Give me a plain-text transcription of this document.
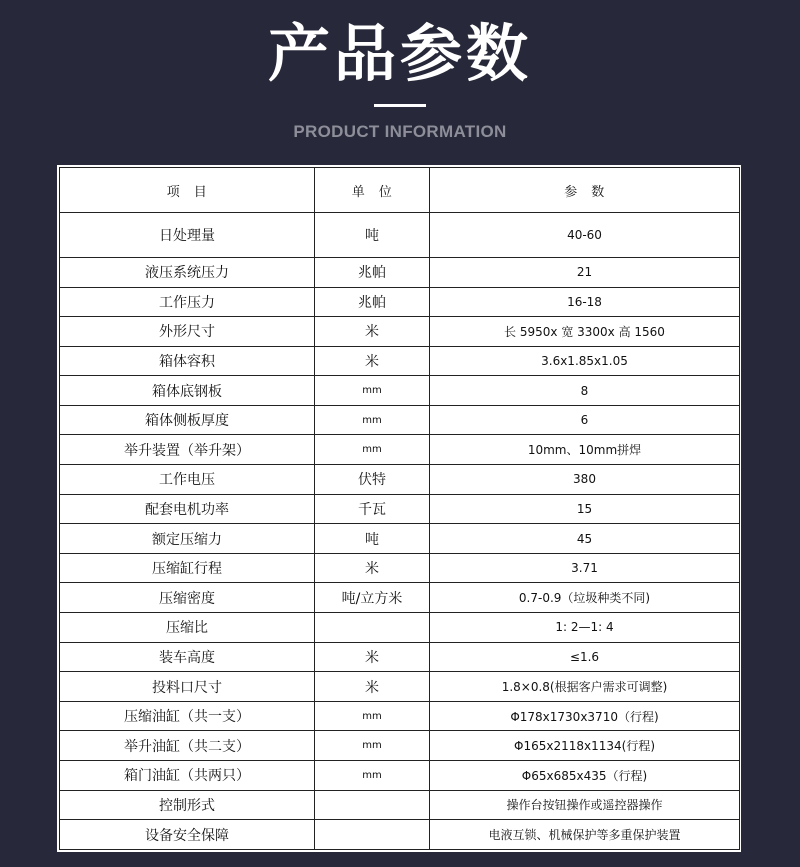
产品参数
PRODUCT INFORMATION
项　目	单　位	参　数
日处理量	吨	40-60
液压系统压力	兆帕	21
工作压力	兆帕	16-18
外形尺寸	米	长 5950x 宽 3300x 高 1560
箱体容积	米	3.6x1.85x1.05
箱体底钢板	mm	8
箱体侧板厚度	mm	6
举升装置（举升架）	mm	10mm、10mm拼焊
工作电压	伏特	380
配套电机功率	千瓦	15
额定压缩力	吨	45
压缩缸行程	米	3.71
压缩密度	吨/立方米	0.7-0.9（垃圾种类不同)
压缩比		1: 2—1: 4
装车高度	米	≤1.6
投料口尺寸	米	1.8×0.8(根据客户需求可调整)
压缩油缸（共一支）	mm	Φ178x1730x3710（行程)
举升油缸（共二支）	mm	Φ165x2118x1134(行程)
箱门油缸（共两只）	mm	Φ65x685x435（行程)
控制形式		操作台按钮操作或遥控器操作
设备安全保障		电液互锁、机械保护等多重保护装置
